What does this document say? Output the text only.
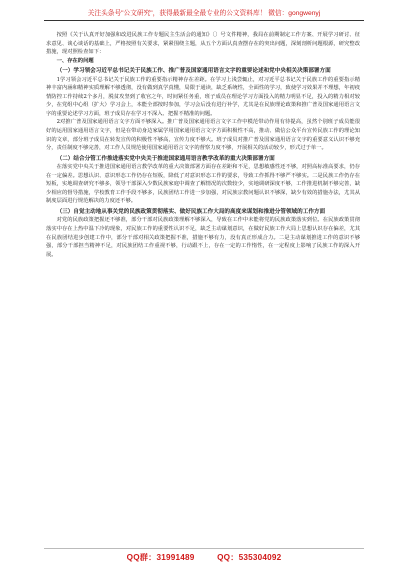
关注头条号"公文研究"，获得最新最全最专业的公文资料库！ 微信：gongwenyj

按照《关于认真开好加强和改进民族工作专题民主生活会的通知》〔〕号文件精神，我局在前期制定工作方案、开展学习研讨、征求意见、谈心谈话的基础上，严格按照有关要求，紧紧围绕主题，从五个方面认真查摆存在的突出问题，深刻剖析问题根源，研究整改措施，现对照检查如下：

一、存在的问题

（一）学习领会习近平总书记关于民族工作、推广普及国家通用语言文字的重要论述和党中央相关决策部署方面

1学习领会习近平总书记关于民族工作的重要指示精神存在差距。在学习上浅尝辄止，对习近平总书记关于民族工作的重要指示精神丰富内涵和精神实质理解不够透彻，没有做到真学真懂，局限于通读，缺乏系统性，全面性的学习，致使学习效果并不理想，年初疫情防控工作持续2个多月，脱贫攻坚到了收官之年，时间紧任务重，班子成员在理论学习方面投入的精力明显不足，投入的精力相对较少，在党组中心组（扩大）学习会上，本能全部按时参加，学习会后没有进行补学，尤其是在民族理论政策和推广普及国家通用语言文字的重要论述学习方面，班子成员存在学习不深入、把握不精准的问题。

2对推广普及国家通用语言文字方面不够深入。推广普及国家通用语言文字工作中模范带动作用有待提高，虽然个别班子成员能很好的运用国家通用语言文字，但是在带动身边家属学用国家通用语言文字方面积极性不高，推动、做信公众平台宣传民族工作的理论知识的文章，部分班子成员在转发宣传的积极性不够高，宣传力度不够大。班子成员对推广普及国家通用语言文字的重要意义认识不够充分，责任制度不够完善，对工作人员规范使用国家通用语言文字的督察力度不够，开展相关的活动较少，形式过于单一。

（二）结合分管工作推进落实党中央关于推进国家通用语言教学改革的重大决策部署方面

在落实党中央关于推进国家通用语言教学改革的重大决策部署方面存在差距和不足，思想敏感性还不够，对照高标准高要求，仍存在一定偏差。思想认识、意识形态工作仍存在短板，降低了对意识形态工作的要求，导致工作抓得不够严不够实。二是民族工作仍存在短板，实地调查研究不够多，领导干部深入少数民族家庭中调查了解情况的次数较少，实地调研深度不够，工作推进机制不够完善，缺少相应的督导措施，学校教育工作手段不够多，民族团结工作进一步加强，对民族宗教问题认识不够深，缺少有效的措施办法，尤其从制度层面进行规范解决的力度还不够。

（三）自觉主动地从事关党的民族政策贯彻落实、做好民族工作大局的高度来谋划和推进分管领域的工作方面

对党的民族政策把握还不够准，部分干部对民族政策理解不够深入，导致在工作中未能将党的民族政策落实到位。在民族政策贯彻落实中存在上热中温下冷的现象，对民族工作的重要性认识不足，缺乏主动谋划意识，在做好民族工作大局上思想认识存在偏差，尤其在民族团结进步创建工作中，部分干部对相关政策把握不准，措施不够有力，没有真正形成合力。二是主动谋划推进工作的意识不够强，部分干部担当精神不足，对民族团结工作重视不够，行动跟不上，存在一定的工作惰性，在一定程度上影响了民族工作的深入开展。

QQ群：31991489	QQ：535304092
